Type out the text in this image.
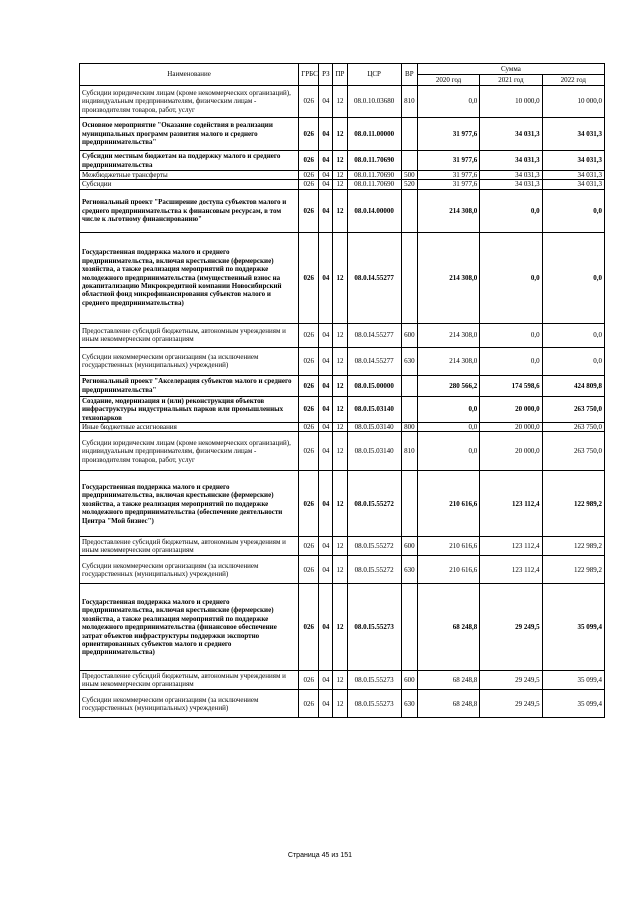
Наименование	ГРБС	РЗ	ПР	ЦСР	ВР	Сумма		
						2020 год	2021 год	2022 год
Субсидии юридическим лицам (кроме некоммерческих организаций), индивидуальным предпринимателям, физическим лицам - производителям товаров, работ, услуг	026	04	12	08.0.10.03680	810	0,0	10 000,0	10 000,0
Основное мероприятие "Оказание содействия в реализации муниципальных программ развития малого и среднего предпринимательства"	026	04	12	08.0.11.00000		31 977,6	34 031,3	34 031,3
Субсидии местным бюджетам на поддержку малого и среднего предпринимательства	026	04	12	08.0.11.70690		31 977,6	34 031,3	34 031,3
Межбюджетные трансферты	026	04	12	08.0.11.70690	500	31 977,6	34 031,3	34 031,3
Субсидии	026	04	12	08.0.11.70690	520	31 977,6	34 031,3	34 031,3
Региональный проект "Расширение доступа субъектов малого и среднего предпринимательства к финансовым ресурсам, в том числе к льготному финансированию"	026	04	12	08.0.I4.00000		214 308,0	0,0	0,0
Государственная поддержка малого и среднего предпринимательства, включая крестьянские (фермерские) хозяйства, а также реализация мероприятий по поддержке молодежного предпринимательства (имущественный взнос на докапитализацию Микрокредитной компании Новосибирский областной фонд микрофинансирования субъектов малого и среднего предпринимательства)	026	04	12	08.0.I4.55277		214 308,0	0,0	0,0
Предоставление субсидий бюджетным, автономным учреждениям и иным некоммерческим организациям	026	04	12	08.0.I4.55277	600	214 308,0	0,0	0,0
Субсидии некоммерческим организациям (за исключением государственных (муниципальных) учреждений)	026	04	12	08.0.I4.55277	630	214 308,0	0,0	0,0
Региональный проект "Акселерация субъектов малого и среднего предпринимательства"	026	04	12	08.0.I5.00000		280 566,2	174 598,6	424 809,8
Создание, модернизация и (или) реконструкция объектов инфраструктуры индустриальных парков или промышленных технопарков	026	04	12	08.0.I5.03140		0,0	20 000,0	263 750,0
Иные бюджетные ассигнования	026	04	12	08.0.I5.03140	800	0,0	20 000,0	263 750,0
Субсидии юридическим лицам (кроме некоммерческих организаций), индивидуальным предпринимателям, физическим лицам - производителям товаров, работ, услуг	026	04	12	08.0.I5.03140	810	0,0	20 000,0	263 750,0
Государственная поддержка малого и среднего предпринимательства, включая крестьянские (фермерские) хозяйства, а также реализация мероприятий по поддержке молодежного предпринимательства (обеспечение деятельности Центра "Мой бизнес")	026	04	12	08.0.I5.55272		210 616,6	123 112,4	122 989,2
Предоставление субсидий бюджетным, автономным учреждениям и иным некоммерческим организациям	026	04	12	08.0.I5.55272	600	210 616,6	123 112,4	122 989,2
Субсидии некоммерческим организациям (за исключением государственных (муниципальных) учреждений)	026	04	12	08.0.I5.55272	630	210 616,6	123 112,4	122 989,2
Государственная поддержка малого и среднего предпринимательства, включая крестьянские (фермерские) хозяйства, а также реализация мероприятий по поддержке молодежного предпринимательства (финансовое обеспечение затрат объектов инфраструктуры поддержки экспортно ориентированных субъектов малого и среднего предпринимательства)	026	04	12	08.0.I5.55273		68 248,8	29 249,5	35 099,4
Предоставление субсидий бюджетным, автономным учреждениям и иным некоммерческим организациям	026	04	12	08.0.I5.55273	600	68 248,8	29 249,5	35 099,4
Субсидии некоммерческим организациям (за исключением государственных (муниципальных) учреждений)	026	04	12	08.0.I5.55273	630	68 248,8	29 249,5	35 099,4
Страница 45 из 151
